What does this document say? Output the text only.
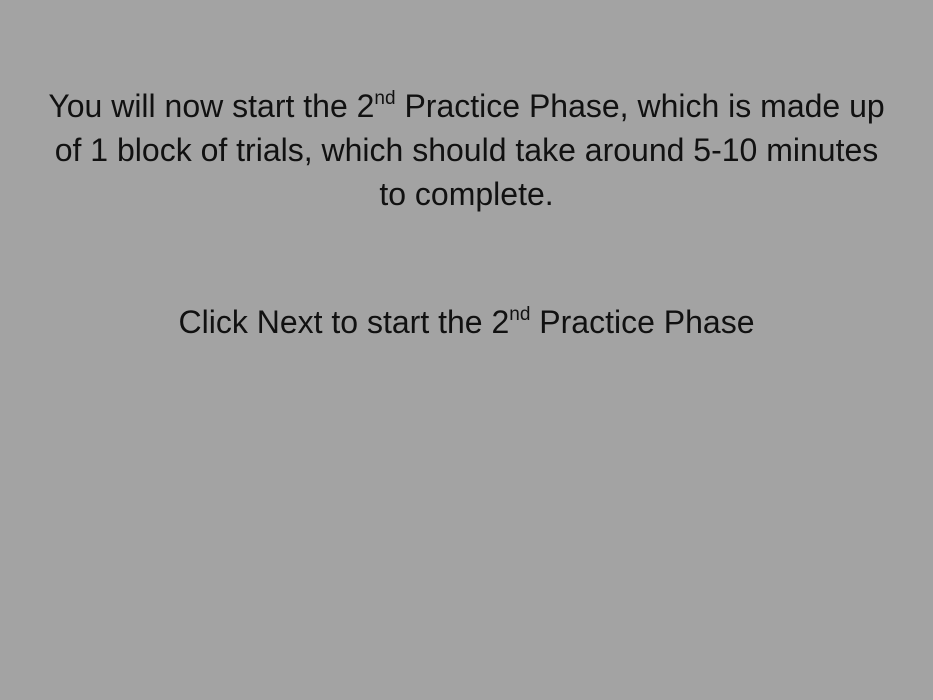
You will now start the 2nd Practice Phase, which is made up of 1 block of trials, which should take around 5-10 minutes to complete.

Click Next to start the 2nd Practice Phase
